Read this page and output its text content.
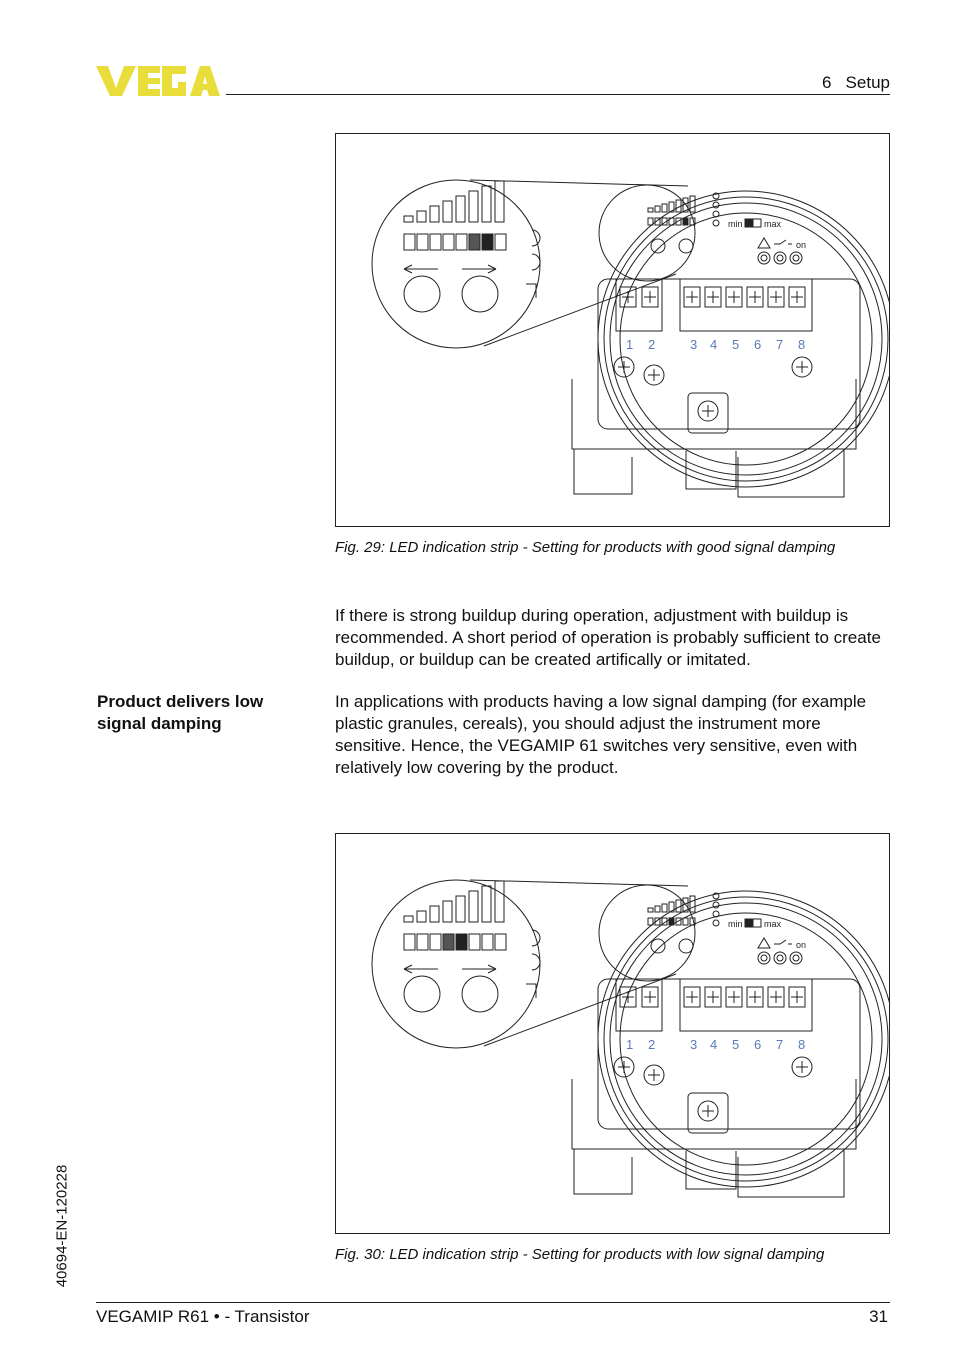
6   Setup
1 2	3 4 5 6 7 8
min max
on
Fig. 29: LED indication strip - Setting for products with good signal damping

If there is strong buildup during operation, adjustment with buildup is recommended. A short period of operation is probably sufficient to create buildup, or buildup can be created artifically or imitated.

Product delivers low signal damping

In applications with products having a low signal damping (for example plastic granules, cereals), you should adjust the instrument more sensitive. Hence, the VEGAMIP 61 switches very sensitive, even with relatively low covering by the product.

1 2	3 4 5 6 7 8
min max
on
Fig. 30: LED indication strip - Setting for products with low signal damping
40694-EN-120228
VEGAMIP R61 • - Transistor	31
